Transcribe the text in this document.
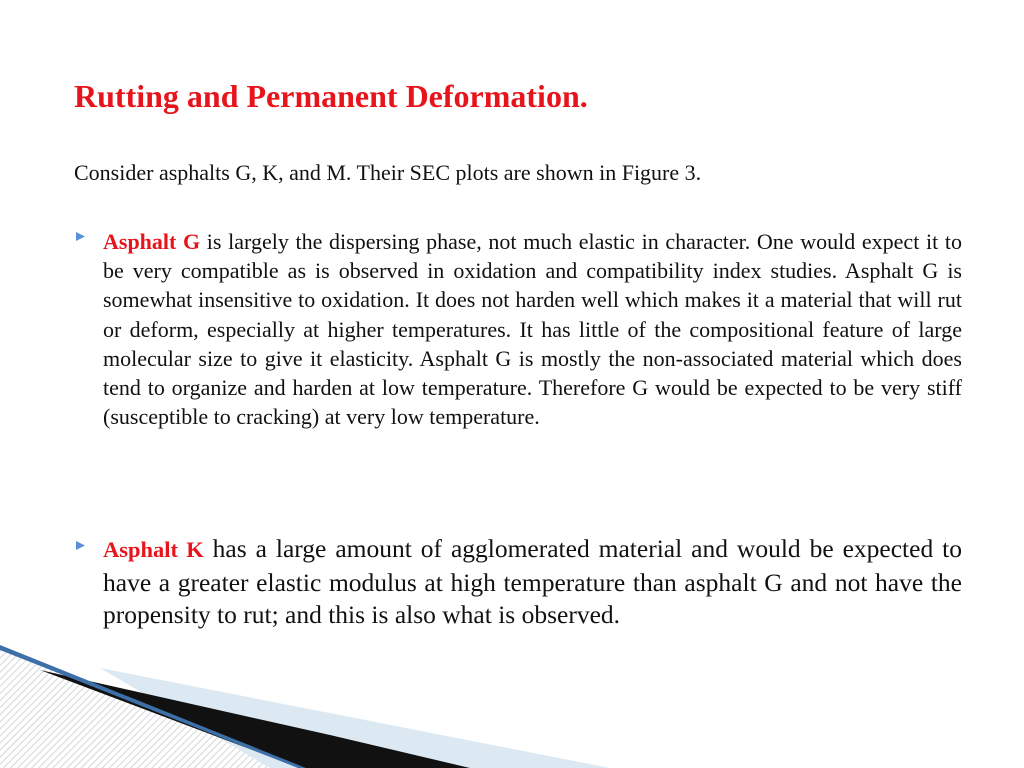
Rutting and Permanent Deformation.

Consider asphalts G, K, and M. Their SEC plots are shown in Figure 3.

Asphalt G is largely the dispersing phase, not much elastic in character. One would expect it to be very compatible as is observed in oxidation and compatibility index studies. Asphalt G is somewhat insensitive to oxidation. It does not harden well which makes it a material that will rut or deform, especially at higher temperatures. It has little of the compositional feature of large molecular size to give it elasticity. Asphalt G is mostly the non-associated material which does tend to organize and harden at low temperature. Therefore G would be expected to be very stiff (susceptible to cracking) at very low temperature.

Asphalt K has a large amount of agglomerated material and would be expected to have a greater elastic modulus at high temperature than asphalt G and not have the propensity to rut; and this is also what is observed.
